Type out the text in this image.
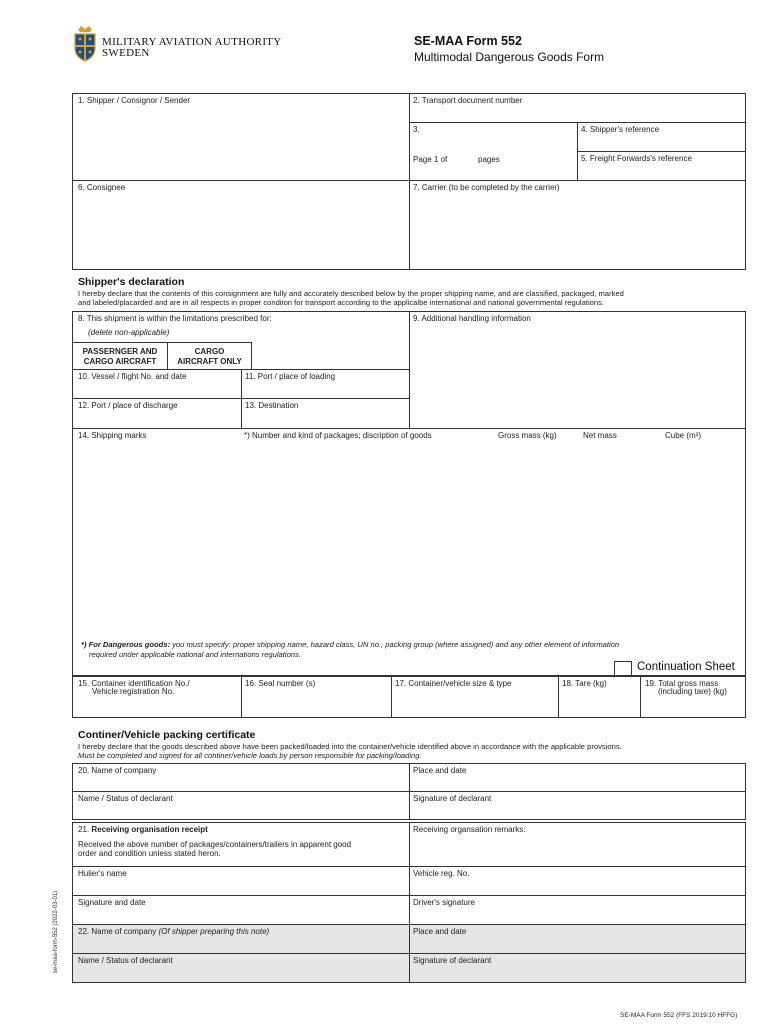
MILITARY AVIATION AUTHORITY
SWEDEN
SE-MAA Form 552
Multimodal Dangerous Goods Form
1. Shipper / Consignor / Sender	2. Transport document number
3.
Page 1 of	pages
4. Shipper's reference
5. Freight Forwards's reference
6. Consignee	7. Carrier (to be completed by the carrier)
Shipper's declaration
I hereby declare that the contents of this consignment are fully and accurately described below by the proper shipping name, and are classified, packaged, marked
and labeled/placarded and are in all respects in proper conditon for transport according to the applicalbe international and national governmental regulations.
8. This shipment is within the limitations prescribed for:
(delete non-applicable)
PASSERNGER AND
CARGO AIRCRAFT
CARGO
AIRCRAFT ONLY
9. Additional handling information
10. Vessel / flight No. and date	11. Port / place of loading
12. Port / place of discharge	13. Destination
14. Shipping marks	*) Number and kind of packages; discription of goods	Gross mass (kg)	Net mass	Cube (m³)
*) For Dangerous goods: you must specify: proper shipping name, hazard class, UN no., packing group (where assigned) and any other element of information
required under applicable national and internations regulations.
Continuation Sheet
15. Container identification No./
Vehicle registration No.
16. Seal number (s)	17. Container/vehicle size & type	18. Tare (kg)	19. Total gross mass
(including tare) (kg)
Continer/Vehicle packing certificate
I hereby declare that the goods described above have been packed/loaded into the container/vehicle identified above in accordance with the applicable provsions.
Must be completed and signed for all continer/vehicle loads by person responsible for packing/loading.
20. Name of company	Place and date
Name / Status of declarant	Signature of declarant
21. Receiving organisation receipt
Received the above number of packages/containers/trailers in apparent good
order and condition unless stated heron.
Receiving organsation remarks:
Hulier's name	Vehicle reg. No.
Signature and date	Driver's signature
22. Name of company (Of shipper preparing this note)	Place and date
Name / Status of declarant	Signature of declarant
se-maa-form-552 (2022-03-01)
SE-MAA Form 552 (FFS 2019:10 HFFG)
